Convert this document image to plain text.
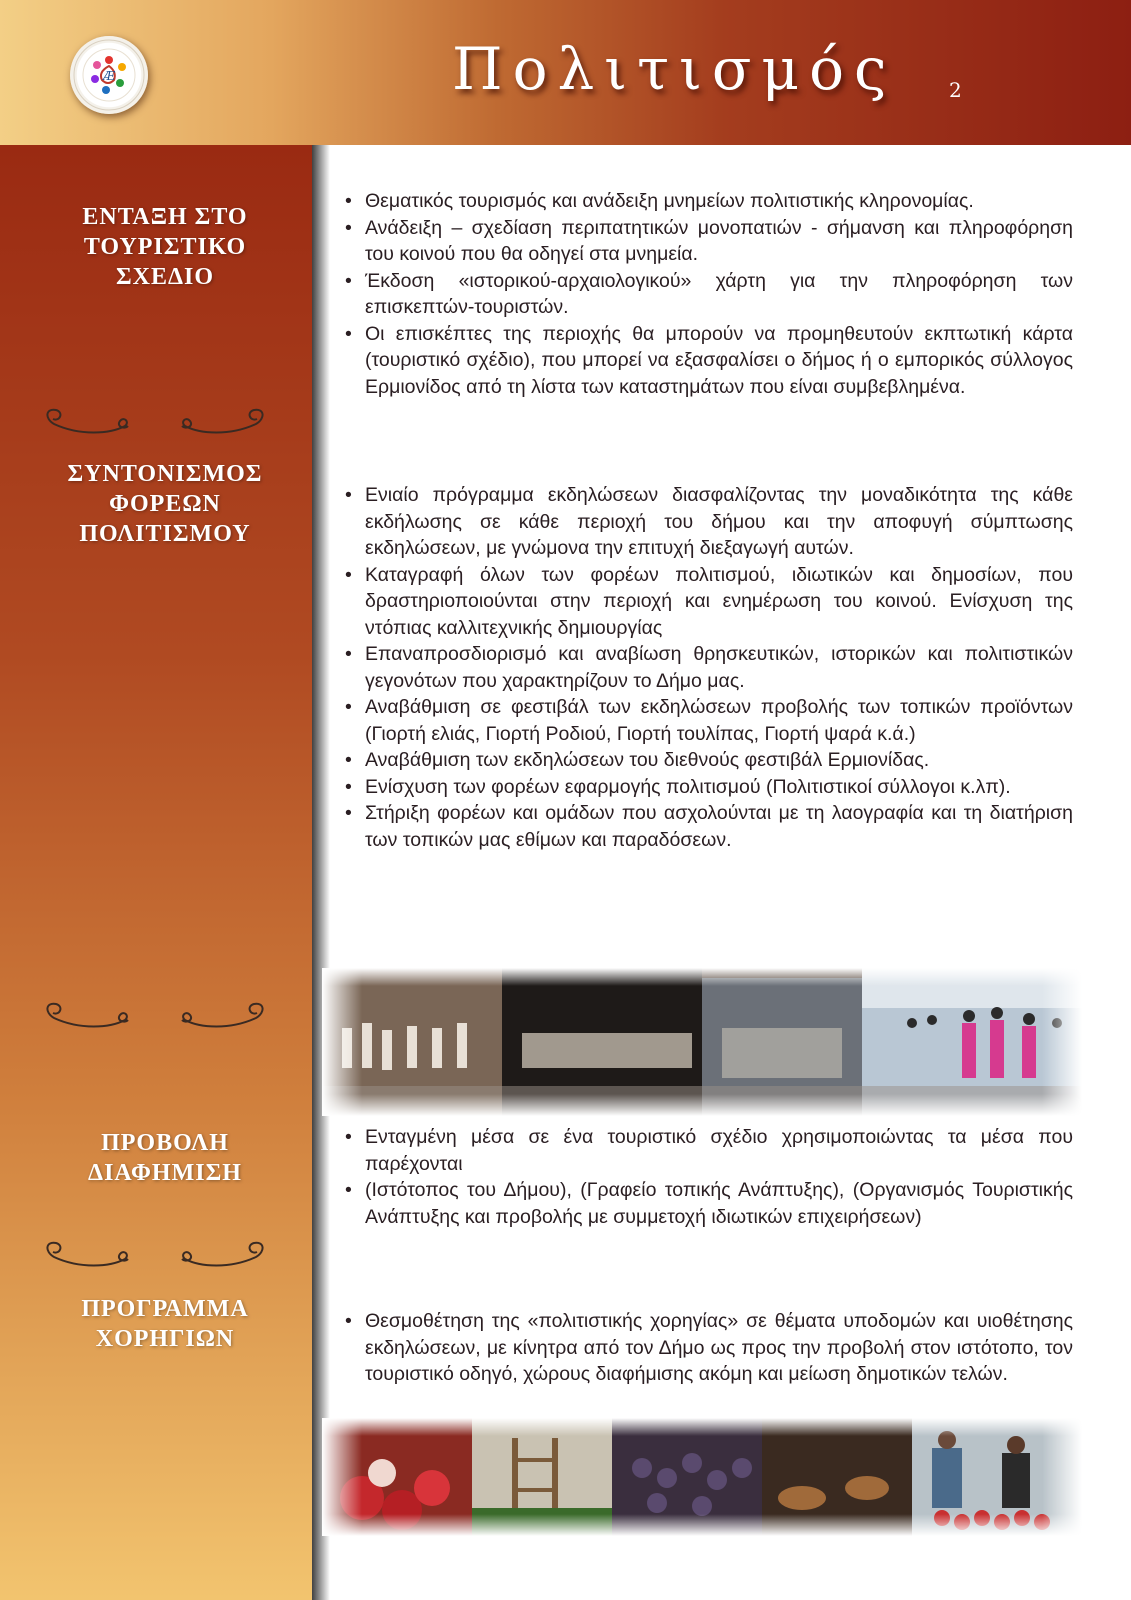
Æ	Πολιτισμός	2
ΕΝΤΑΞΗ ΣΤΟ
ΤΟΥΡΙΣΤΙΚΟ
ΣΧΕΔΙΟ
ΣΥΝΤΟΝΙΣΜΟΣ
ΦΟΡΕΩΝ
ΠΟΛΙΤΙΣΜΟΥ
ΠΡΟΒΟΛΗ
ΔΙΑΦΗΜΙΣΗ
ΠΡΟΓΡΑΜΜΑ
ΧΟΡΗΓΙΩΝ
• Θεματικός τουρισμός και ανάδειξη μνημείων πολιτιστικής κληρονομίας.
• Ανάδειξη – σχεδίαση περιπατητικών μονοπατιών - σήμανση και πληροφόρηση του κοινού που θα οδηγεί στα μνημεία.
• Έκδοση «ιστορικού-αρχαιολογικού» χάρτη για την πληροφόρηση των επισκεπτών-τουριστών.
• Οι επισκέπτες της περιοχής θα μπορούν να προμηθευτούν εκπτωτική κάρτα (τουριστικό σχέδιο), που μπορεί να εξασφαλίσει ο δήμος ή ο εμπορικός σύλλογος Ερμιονίδος από τη λίστα των καταστημάτων που είναι συμβεβλημένα.
• Ενιαίο πρόγραμμα εκδηλώσεων διασφαλίζοντας την μοναδικότητα της κάθε εκδήλωσης σε κάθε περιοχή του δήμου και την αποφυγή σύμπτωσης εκδηλώσεων, με γνώμονα την επιτυχή διεξαγωγή αυτών.
• Καταγραφή όλων των φορέων πολιτισμού, ιδιωτικών και δημοσίων, που δραστηριοποιούνται στην περιοχή και ενημέρωση του κοινού. Ενίσχυση της ντόπιας καλλιτεχνικής δημιουργίας
• Επαναπροσδιορισμό και αναβίωση θρησκευτικών, ιστορικών και πολιτιστικών γεγονότων που χαρακτηρίζουν το Δήμο μας.
• Αναβάθμιση σε φεστιβάλ των εκδηλώσεων προβολής των τοπικών προϊόντων (Γιορτή ελιάς, Γιορτή Ροδιού, Γιορτή τουλίπας, Γιορτή ψαρά κ.ά.)
• Αναβάθμιση των εκδηλώσεων του διεθνούς φεστιβάλ Ερμιονίδας.
• Ενίσχυση των φορέων εφαρμογής πολιτισμού (Πολιτιστικοί σύλλογοι κ.λπ).
• Στήριξη φορέων και ομάδων που ασχολούνται με τη λαογραφία και τη διατήριση των τοπικών μας εθίμων και παραδόσεων.
• Ενταγμένη μέσα σε ένα τουριστικό σχέδιο χρησιμοποιώντας τα μέσα που παρέχονται
• (Ιστότοπος του Δήμου), (Γραφείο τοπικής Ανάπτυξης), (Οργανισμός Τουριστικής Ανάπτυξης και προβολής με συμμετοχή ιδιωτικών επιχειρήσεων)
• Θεσμοθέτηση της «πολιτιστικής χορηγίας» σε θέματα υποδομών και υιοθέτησης εκδηλώσεων, με κίνητρα από τον Δήμο ως προς την προβολή στον ιστότοπο, τον τουριστικό οδηγό, χώρους διαφήμισης ακόμη και μείωση δημοτικών τελών.
